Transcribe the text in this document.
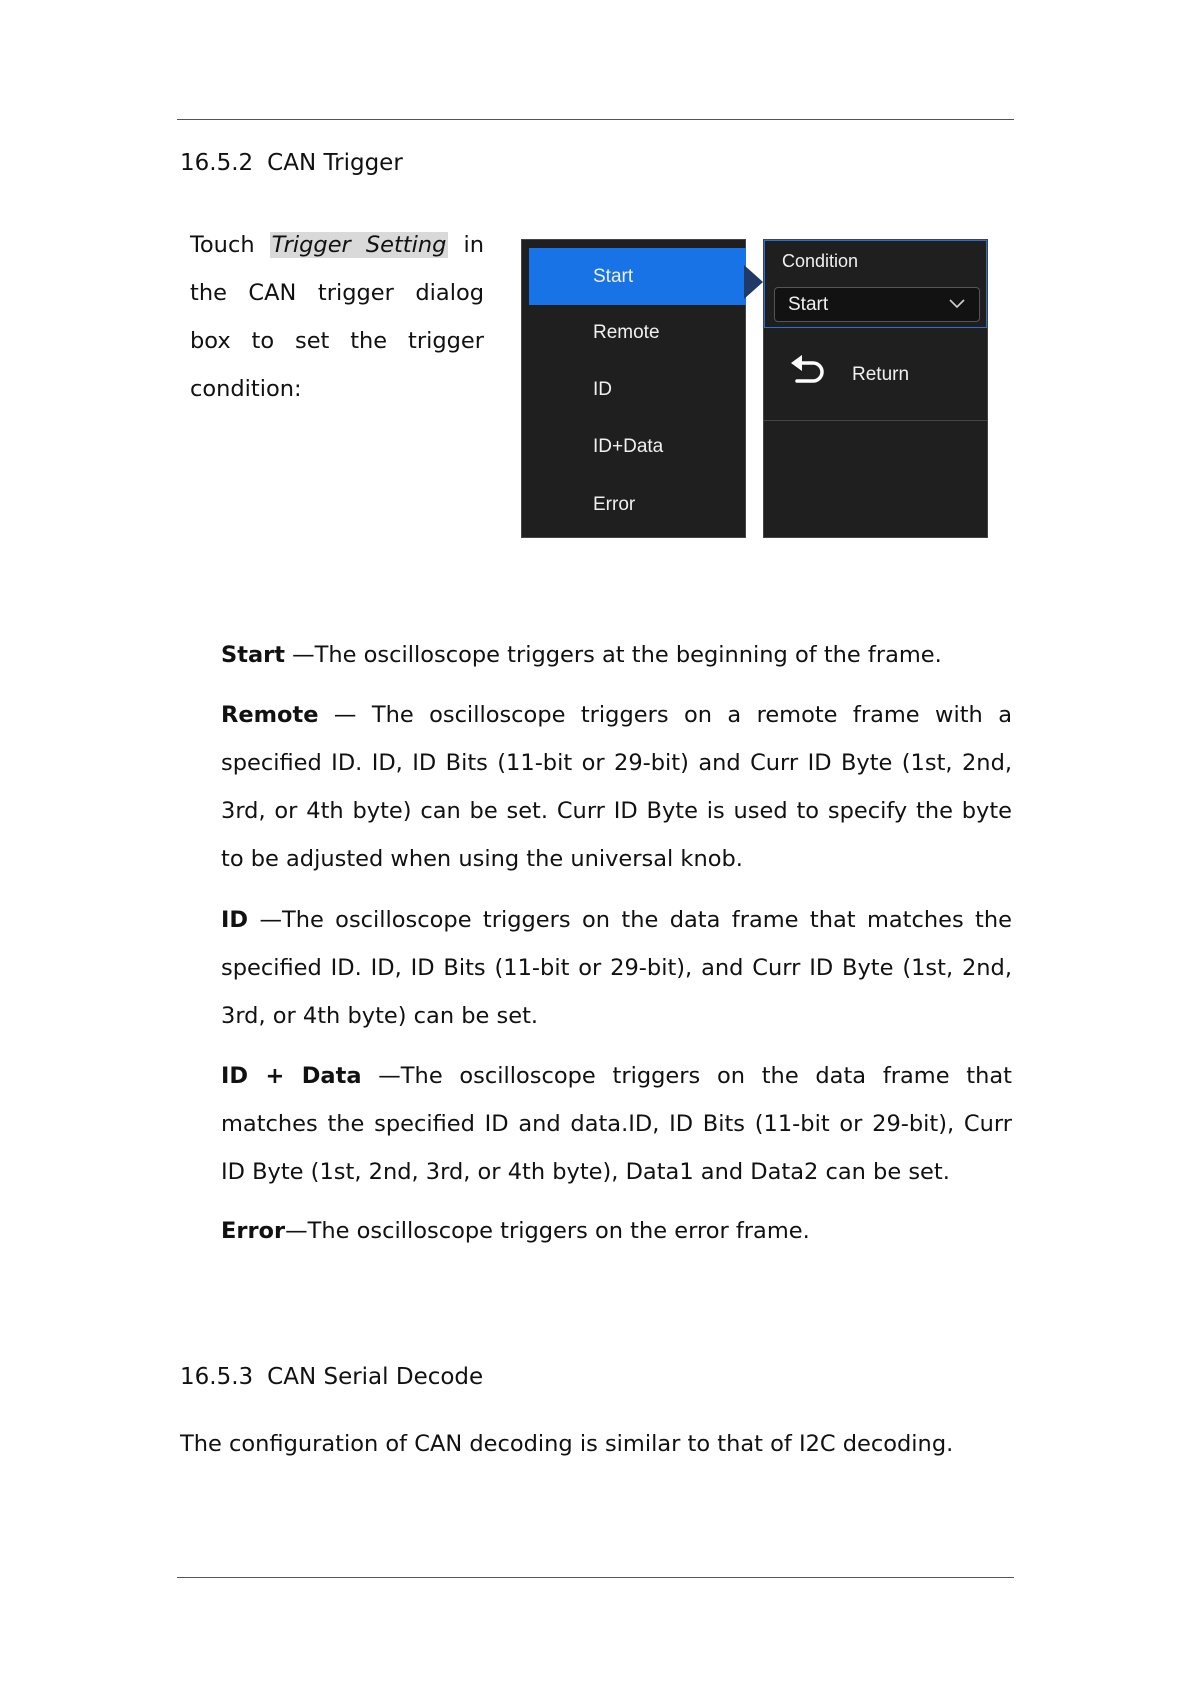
16.5.2 CAN Trigger
Touch Trigger Setting in the CAN trigger dialog box to set the trigger condition:
Start
Remote
ID
ID+Data
Error
Condition
Start
Return
Start —The oscilloscope triggers at the beginning of the frame.
Remote — The oscilloscope triggers on a remote frame with a specified ID. ID, ID Bits (11-bit or 29-bit) and Curr ID Byte (1st, 2nd, 3rd, or 4th byte) can be set. Curr ID Byte is used to specify the byte to be adjusted when using the universal knob.
ID —The oscilloscope triggers on the data frame that matches the specified ID. ID, ID Bits (11-bit or 29-bit), and Curr ID Byte (1st, 2nd, 3rd, or 4th byte) can be set.
ID + Data —The oscilloscope triggers on the data frame that matches the specified ID and data.ID, ID Bits (11-bit or 29-bit), Curr ID Byte (1st, 2nd, 3rd, or 4th byte), Data1 and Data2 can be set.
Error—The oscilloscope triggers on the error frame.
16.5.3 CAN Serial Decode
The configuration of CAN decoding is similar to that of I2C decoding.
